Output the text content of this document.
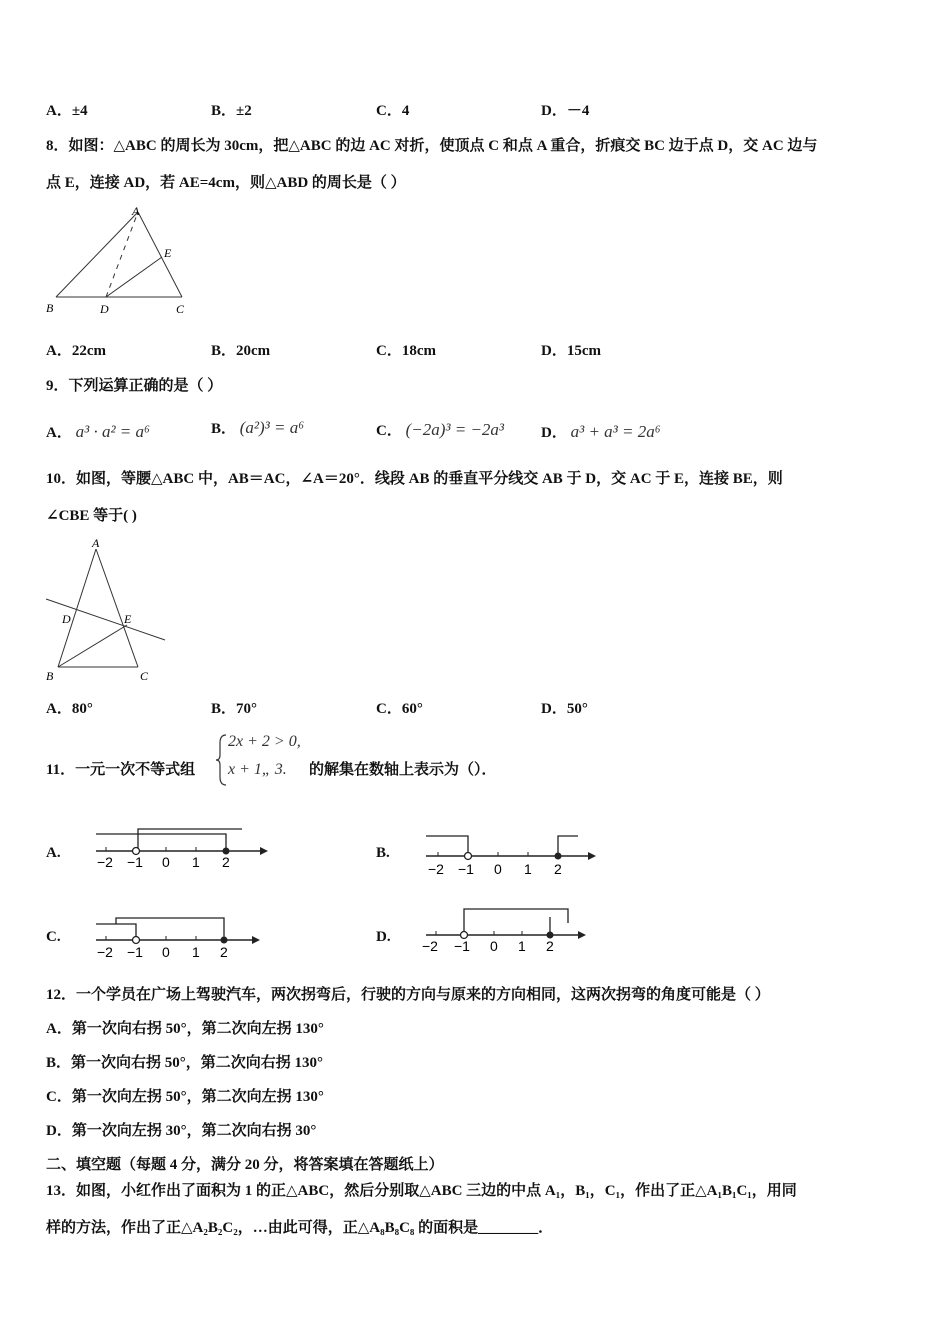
A．±4	B．±2	C．4	D．－4
8．如图：△ABC 的周长为 30cm，把△ABC 的边 AC 对折，使顶点 C 和点 A 重合，折痕交 BC 边于点 D，交 AC 边与
点 E，连接 AD，若 AE=4cm，则△ABD 的周长是（ ）
A
B	C
D
E
A．22cm	B．20cm	C．18cm	D．15cm
9．下列运算正确的是（ ）
A． a³ · a² = a⁶	B． (a²)³ = a⁶	C． (−2a)³ = −2a³ D． a³ + a³ = 2a⁶
10．如图，等腰△ABC 中，AB＝AC，∠A＝20°．线段 AB 的垂直平分线交 AB 于 D，交 AC 于 E，连接 BE，则
∠CBE 等于( )
A
B	C
D	E
A．80°	B．70°	C．60°	D．50°
11．一元一次不等式组
2x + 2 > 0,
x + 1„ 3. 的解集在数轴上表示为（）．
A.
−2 −1 0 1 2
B.
−2 −1 0 1 2
C.
−2 −1 0 1 2
D.
−2 −1 0 1 2
12．一个学员在广场上驾驶汽车，两次拐弯后，行驶的方向与原来的方向相同，这两次拐弯的角度可能是（ ）
A．第一次向右拐 50°，第二次向左拐 130°
B．第一次向右拐 50°，第二次向右拐 130°
C．第一次向左拐 50°，第二次向左拐 130°
D．第一次向左拐 30°，第二次向右拐 30°
二、填空题（每题 4 分，满分 20 分，将答案填在答题纸上）
13．如图，小红作出了面积为 1 的正△ABC，然后分别取△ABC 三边的中点 A₁，B₁，C₁，作出了正△A₁B₁C₁，用同
样的方法，作出了正△A₂B₂C₂，…由此可得，正△A₈B₈C₈ 的面积是________．
